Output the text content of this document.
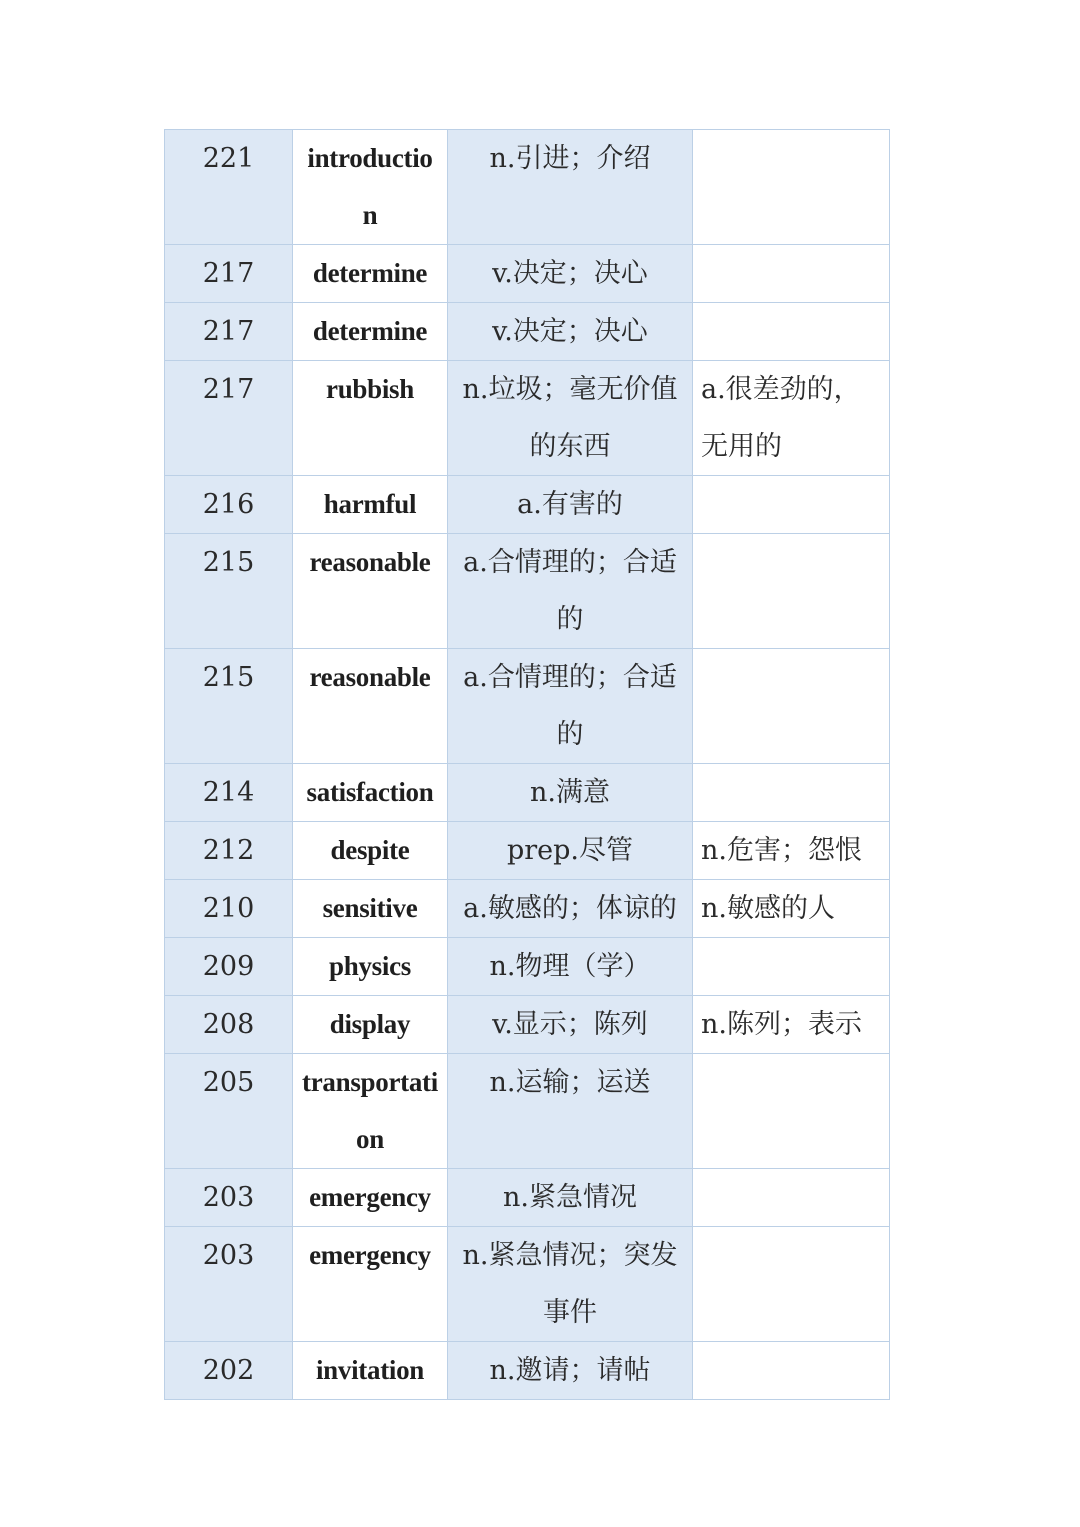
221	introduction	n.引进；介绍	

217	determine	v.决定；决心	

217	determine	v.决定；决心	

217	rubbish	n.垃圾；毫无价值的东西	a.很差劲的，无用的

216	harmful	a.有害的	

215	reasonable	a.合情理的；合适的	

215	reasonable	a.合情理的；合适的	

214	satisfaction	n.满意	

212	despite	prep.尽管	n.危害；怨恨

210	sensitive	a.敏感的；体谅的	n.敏感的人

209	physics	n.物理（学）	

208	display	v.显示；陈列	n.陈列；表示

205	transportation	n.运输；运送	

203	emergency	n.紧急情况	

203	emergency	n.紧急情况；突发事件	

202	invitation	n.邀请；请帖	
